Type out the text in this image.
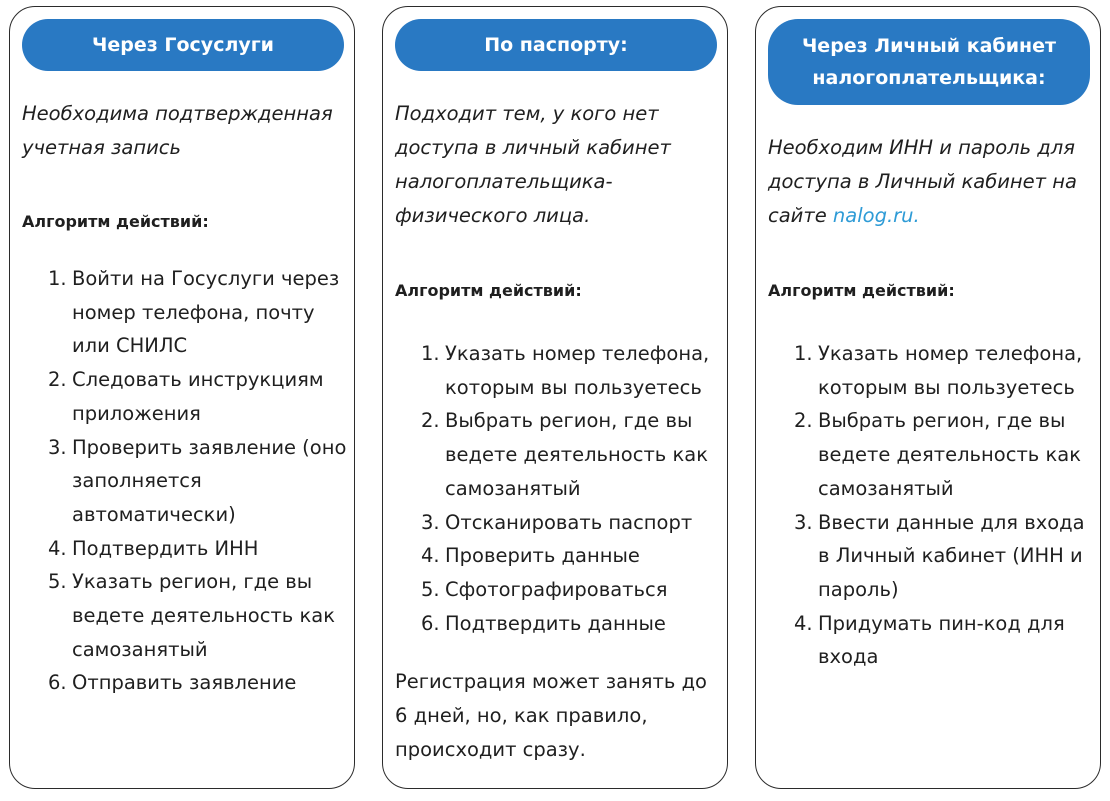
Через Госуслуги

Необходима подтвержденная учетная запись

Алгоритм действий:

1. Войти на Госуслуги через номер телефона, почту или СНИЛС
2. Следовать инструкциям приложения
3. Проверить заявление (оно заполняется автоматически)
4. Подтвердить ИНН
5. Указать регион, где вы ведете деятельность как самозанятый
6. Отправить заявление
По паспорту:

Подходит тем, у кого нет доступа в личный кабинет налогоплательщика-физического лица.

Алгоритм действий:

1. Указать номер телефона, которым вы пользуетесь
2. Выбрать регион, где вы ведете деятельность как самозанятый
3. Отсканировать паспорт
4. Проверить данные
5. Сфотографироваться
6. Подтвердить данные

Регистрация может занять до 6 дней, но, как правило, происходит сразу.

Через Личный кабинет налогоплательщика:

Необходим ИНН и пароль для доступа в Личный кабинет на сайте nalog.ru.

Алгоритм действий:

1. Указать номер телефона, которым вы пользуетесь
2. Выбрать регион, где вы ведете деятельность как самозанятый
3. Ввести данные для входа в Личный кабинет (ИНН и пароль)
4. Придумать пин-код для входа
